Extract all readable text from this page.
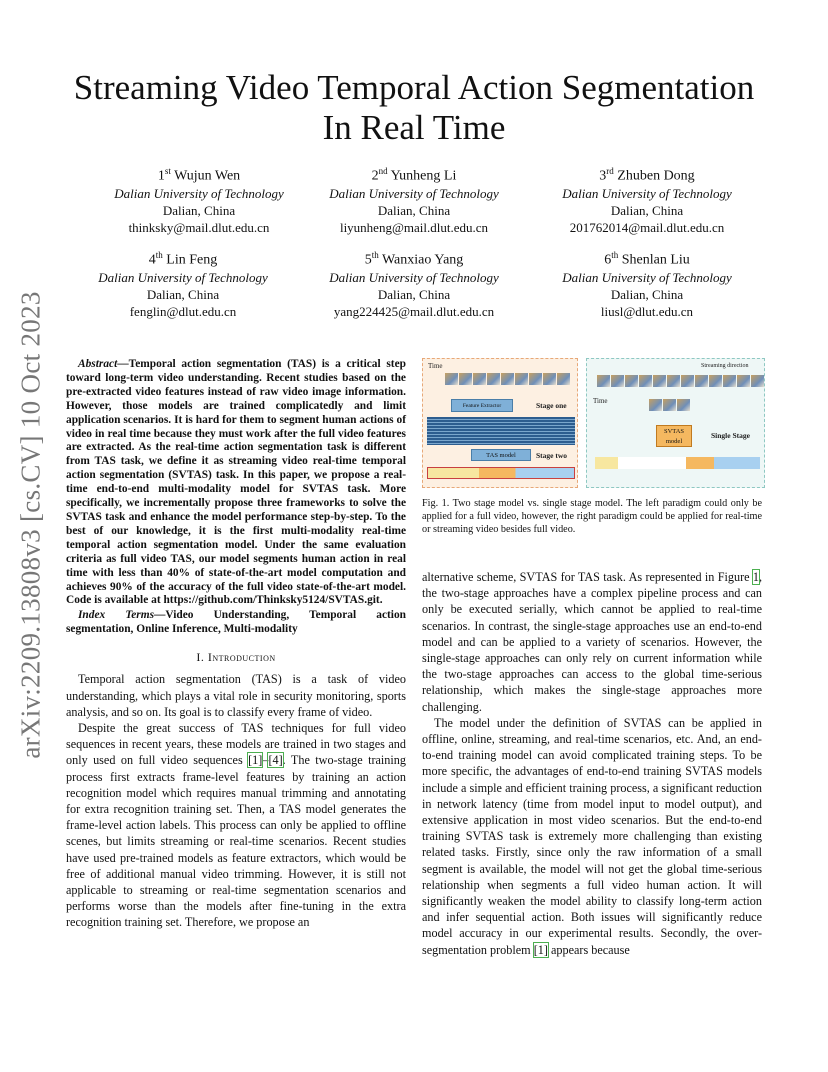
arXiv:2209.13808v3 [cs.CV] 10 Oct 2023
Streaming Video Temporal Action Segmentation
In Real Time
1st Wujun Wen
Dalian University of Technology
Dalian, China
thinksky@mail.dlut.edu.cn
2nd Yunheng Li
Dalian University of Technology
Dalian, China
liyunheng@mail.dlut.edu.cn
3rd Zhuben Dong
Dalian University of Technology
Dalian, China
201762014@mail.dlut.edu.cn
4th Lin Feng
Dalian University of Technology
Dalian, China
fenglin@dlut.edu.cn
5th Wanxiao Yang
Dalian University of Technology
Dalian, China
yang224425@mail.dlut.edu.cn
6th Shenlan Liu
Dalian University of Technology
Dalian, China
liusl@dlut.edu.cn

Abstract—Temporal action segmentation (TAS) is a critical step toward long-term video understanding. Recent studies based on the pre-extracted video features instead of raw video image information. However, those models are trained complicatedly and limit application scenarios. It is hard for them to segment human actions of video in real time because they must work after the full video features are extracted. As the real-time action segmentation task is different from TAS task, we define it as streaming video real-time temporal action segmentation (SVTAS) task. In this paper, we propose a real-time end-to-end multi-modality model for SVTAS task. More specifically, we incrementally propose three frameworks to solve the SVTAS task and enhance the model performance step-by-step. To the best of our knowledge, it is the first multi-modality real-time temporal action segmentation model. Under the same evaluation criteria as full video TAS, our model segments human action in real time with less than 40% of state-of-the-art model computation and achieves 90% of the accuracy of the full video state-of-the-art model. Code is available at https://github.com/Thinksky5124/SVTAS.git.

Index Terms—Video Understanding, Temporal action segmentation, Online Inference, Multi-modality

I. Introduction

Temporal action segmentation (TAS) is a task of video understanding, which plays a vital role in security monitoring, sports analysis, and so on. Its goal is to classify every frame of video.

Despite the great success of TAS techniques for full video sequences in recent years, these models are trained in two stages and only used on full video sequences [1]–[4]. The two-stage training process first extracts frame-level features by training an action recognition model which requires manual trimming and annotating for extra recognition training set. Then, a TAS model generates the frame-level action labels. This process can only be applied to offline scenes, but limits streaming or real-time scenarios. Recent studies have used pre-trained models as feature extractors, which would be free of additional manual video trimming. However, it is still not applicable to streaming or real-time segmentation scenarios and performs worse than the models after fine-tuning in the extra recognition training set. Therefore, we propose an

Time
Feature Extractor	Stage one
TAS model	Stage two
Streaming direction
Time
SVTAS
model
Single Stage
Fig. 1. Two stage model vs. single stage model. The left paradigm could only be applied for a full video, however, the right paradigm could be applied for real-time or streaming video besides full video.

alternative scheme, SVTAS for TAS task. As represented in Figure 1, the two-stage approaches have a complex pipeline process and can only be executed serially, which cannot be applied to real-time scenarios. In contrast, the single-stage approaches use an end-to-end model and can be applied to a variety of scenarios. However, the single-stage approaches can only rely on current information while the two-stage approaches can access to the global time-serious relationship, which makes the single-stage approaches more challenging.

The model under the definition of SVTAS can be applied in offline, online, streaming, and real-time scenarios, etc. And, an end-to-end training model can avoid complicated training steps. To be more specific, the advantages of end-to-end training SVTAS models include a simple and efficient training process, a significant reduction in network latency (time from model input to model output), and extensive application in most video scenarios. But the end-to-end training SVTAS task is extremely more challenging than existing related tasks. Firstly, since only the raw information of a small segment is available, the model will not get the global time-serious relationship when segments a full video human action. It will significantly weaken the model ability to classify long-term action and infer sequential action. Both issues will significantly reduce model accuracy in our experimental results. Secondly, the over-segmentation problem [1] appears because
